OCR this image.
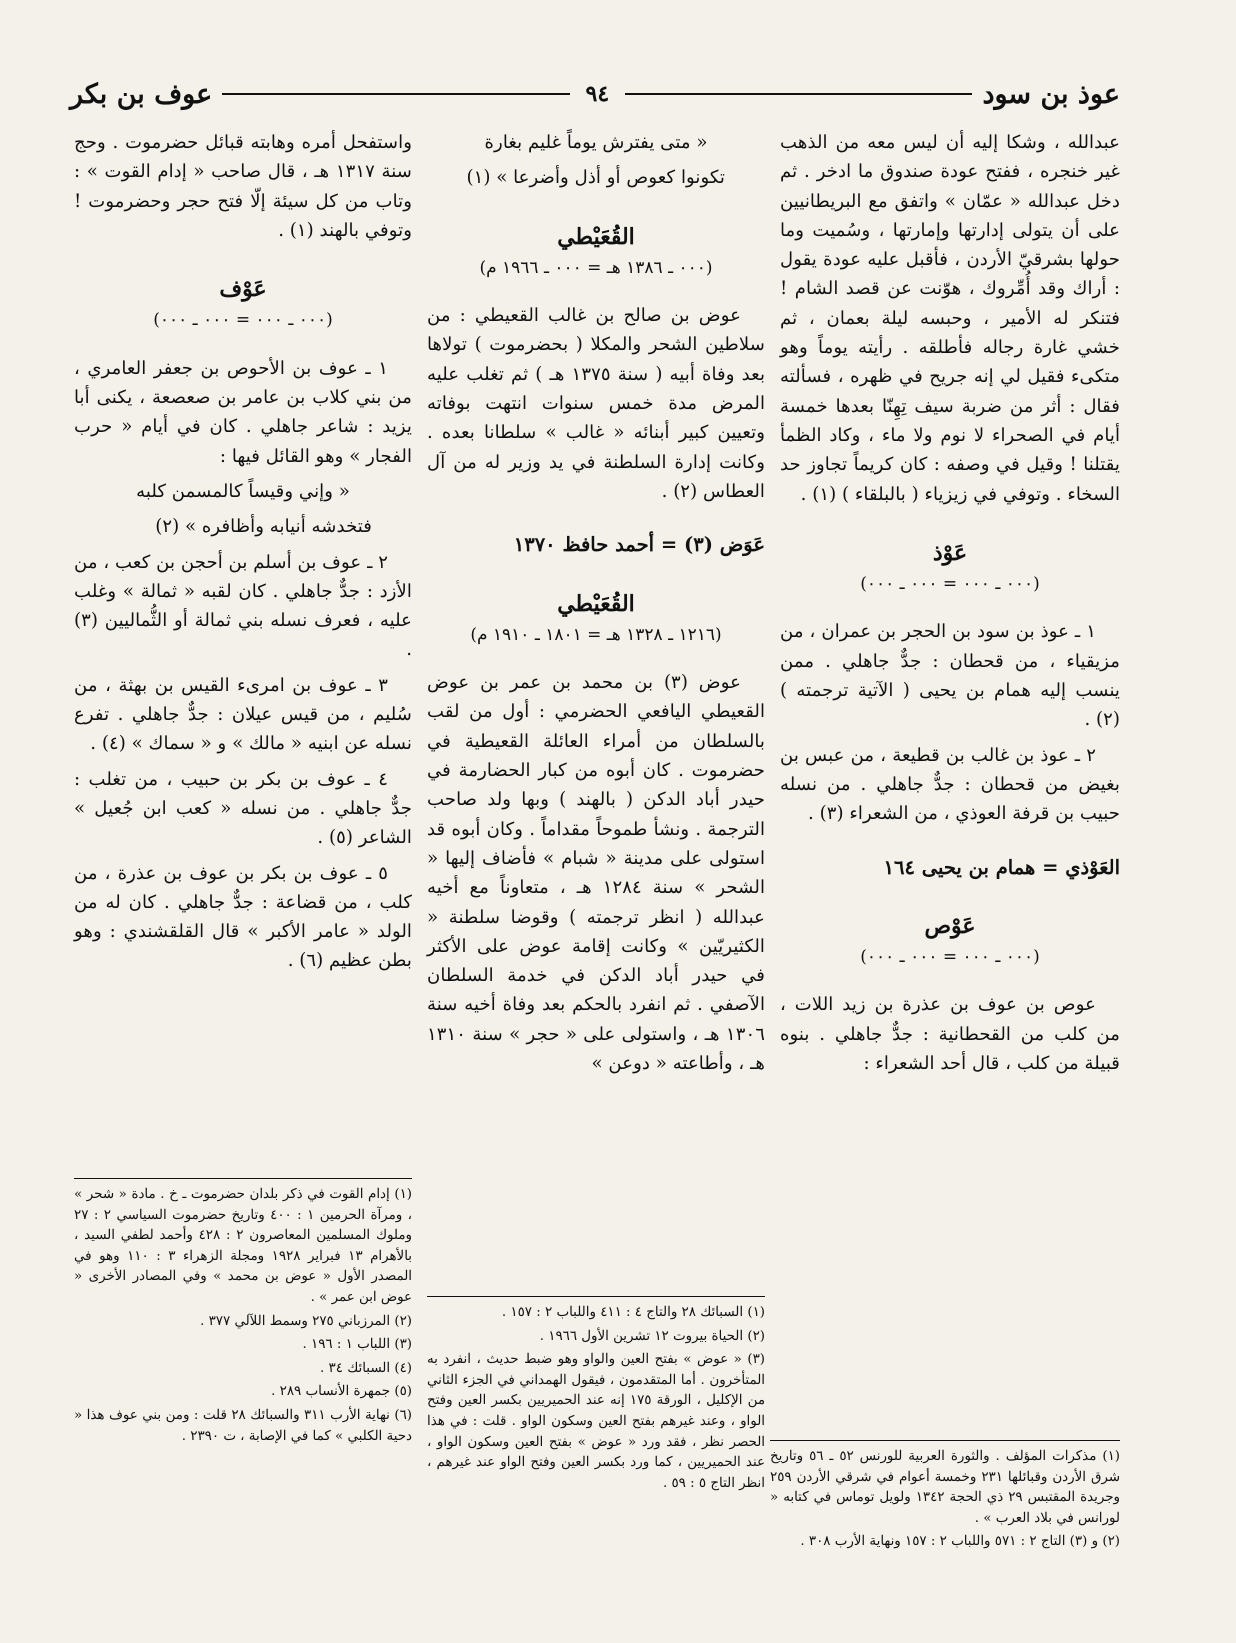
عوذ بن سود
٩٤
عوف بن بكر

عبدالله ، وشكا إليه أن ليس معه من الذهب غير خنجره ، ففتح عودة صندوق ما ادخر . ثم دخل عبدالله « عمّان » واتفق مع البريطانيين على أن يتولى إدارتها وإمارتها ، وسُميت وما حولها بشرقيّ الأردن ، فأقبل عليه عودة يقول : أراك وقد أُمِّروك ، هوّنت عن قصد الشام ! فتنكر له الأمير ، وحبسه ليلة بعمان ، ثم خشي غارة رجاله فأطلقه . رأيته يوماً وهو متكىء فقيل لي إنه جريح في ظهره ، فسألته فقال : أثر من ضربة سيف تِهِنّا بعدها خمسة أيام في الصحراء لا نوم ولا ماء ، وكاد الظمأ يقتلنا ! وقيل في وصفه : كان كريماً تجاوز حد السخاء . وتوفي في زيزياء ( بالبلقاء ) (١) .

عَوْذ
(٠٠٠ ـ ٠٠٠ = ٠٠٠ ـ ٠٠٠)

١ ـ عوذ بن سود بن الحجر بن عمران ، من مزيقياء ، من قحطان : جدٌّ جاهلي . ممن ينسب إليه همام بن يحيى ( الآتية ترجمته ) (٢) .

٢ ـ عوذ بن غالب بن قطيعة ، من عبس بن بغيض من قحطان : جدٌّ جاهلي . من نسله حبيب بن قرفة العوذي ، من الشعراء (٣) .

العَوْذي = همام بن يحيى ١٦٤
عَوْص
(٠٠٠ ـ ٠٠٠ = ٠٠٠ ـ ٠٠٠)

عوص بن عوف بن عذرة بن زيد اللات ، من كلب من القحطانية : جدٌّ جاهلي . بنوه قبيلة من كلب ، قال أحد الشعراء :

« متى يفترش يوماً غليم بغارة

تكونوا كعوص أو أذل وأضرعا » (١)

القُعَيْطي
(٠٠٠ ـ ١٣٨٦ هـ = ٠٠٠ ـ ١٩٦٦ م)

عوض بن صالح بن غالب القعيطي : من سلاطين الشحر والمكلا ( بحضرموت ) تولاها بعد وفاة أبيه ( سنة ١٣٧٥ هـ ) ثم تغلب عليه المرض مدة خمس سنوات انتهت بوفاته وتعيين كبير أبنائه « غالب » سلطانا بعده . وكانت إدارة السلطنة في يد وزير له من آل العطاس (٢) .

عَوَض (٣) = أحمد حافظ ١٣٧٠
القُعَيْطي
(١٢١٦ ـ ١٣٢٨ هـ = ١٨٠١ ـ ١٩١٠ م)

عوض (٣) بن محمد بن عمر بن عوض القعيطي اليافعي الحضرمي : أول من لقب بالسلطان من أمراء العائلة القعيطية في حضرموت . كان أبوه من كبار الحضارمة في حيدر أباد الدكن ( بالهند ) وبها ولد صاحب الترجمة . ونشأ طموحاً مقداماً . وكان أبوه قد استولى على مدينة « شبام » فأضاف إليها « الشحر » سنة ١٢٨٤ هـ ، متعاوناً مع أخيه عبدالله ( انظر ترجمته ) وقوضا سلطنة « الكثيريّين » وكانت إقامة عوض على الأكثر في حيدر أباد الدكن في خدمة السلطان الآصفي . ثم انفرد بالحكم بعد وفاة أخيه سنة ١٣٠٦ هـ ، واستولى على « حجر » سنة ١٣١٠ هـ ، وأطاعته « دوعن »

واستفحل أمره وهابته قبائل حضرموت . وحج سنة ١٣١٧ هـ ، قال صاحب « إدام القوت » : وتاب من كل سيئة إلّا فتح حجر وحضرموت ! وتوفي بالهند (١) .

عَوْف
(٠٠٠ ـ ٠٠٠ = ٠٠٠ ـ ٠٠٠)

١ ـ عوف بن الأحوص بن جعفر العامري ، من بني كلاب بن عامر بن صعصعة ، يكنى أبا يزيد : شاعر جاهلي . كان في أيام « حرب الفجار » وهو القائل فيها :

« وإني وقيساً كالمسمن كلبه

فتخدشه أنيابه وأظافره » (٢)

٢ ـ عوف بن أسلم بن أحجن بن كعب ، من الأزد : جدٌّ جاهلي . كان لقبه « ثمالة » وغلب عليه ، فعرف نسله بني ثمالة أو الثُّماليين (٣) .

٣ ـ عوف بن امرىء القيس بن بهثة ، من سُليم ، من قيس عيلان : جدٌّ جاهلي . تفرع نسله عن ابنيه « مالك » و « سماك » (٤) .

٤ ـ عوف بن بكر بن حبيب ، من تغلب : جدٌّ جاهلي . من نسله « كعب ابن جُعيل » الشاعر (٥) .

٥ ـ عوف بن بكر بن عوف بن عذرة ، من كلب ، من قضاعة : جدٌّ جاهلي . كان له من الولد « عامر الأكبر » قال القلقشندي : وهو بطن عظيم (٦) .

(١) مذكرات المؤلف . والثورة العربية للورنس ٥٢ ـ ٥٦ وتاريخ شرق الأردن وقبائلها ٢٣١ وخمسة أعوام في شرقي الأردن ٢٥٩ وجريدة المقتبس ٢٩ ذي الحجة ١٣٤٢ ولويل توماس في كتابه « لورانس في بلاد العرب » .
(٢) و (٣) التاج ٢ : ٥٧١ واللباب ٢ : ١٥٧ ونهاية الأرب ٣٠٨ .
(١) السبائك ٢٨ والتاج ٤ : ٤١١ واللباب ٢ : ١٥٧ .
(٢) الحياة بيروت ١٢ تشرين الأول ١٩٦٦ .
(٣) « عوض » بفتح العين والواو وهو ضبط حديث ، انفرد به المتأخرون . أما المتقدمون ، فيقول الهمداني في الجزء الثاني من الإكليل ، الورقة ١٧٥ إنه عند الحميريين بكسر العين وفتح الواو ، وعند غيرهم بفتح العين وسكون الواو . قلت : في هذا الحصر نظر ، فقد ورد « عوض » بفتح العين وسكون الواو ، عند الحميريين ، كما ورد بكسر العين وفتح الواو عند غيرهم ، انظر التاج ٥ : ٥٩ .
(١) إدام القوت في ذكر بلدان حضرموت ـ خ . مادة « شحر » ، ومرآة الحرمين ١ : ٤٠٠ وتاريخ حضرموت السياسي ٢ : ٢٧ وملوك المسلمين المعاصرون ٢ : ٤٢٨ وأحمد لطفي السيد ، بالأهرام ١٣ فبراير ١٩٢٨ ومجلة الزهراء ٣ : ١١٠ وهو في المصدر الأول « عوض بن محمد » وفي المصادر الأخرى « عوض ابن عمر » .
(٢) المرزباني ٢٧٥ وسمط اللآلي ٣٧٧ .
(٣) اللباب ١ : ١٩٦ .
(٤) السبائك ٣٤ .
(٥) جمهرة الأنساب ٢٨٩ .
(٦) نهاية الأرب ٣١١ والسبائك ٢٨ قلت : ومن بني عوف هذا « دحية الكلبي » كما في الإصابة ، ت ٢٣٩٠ .
